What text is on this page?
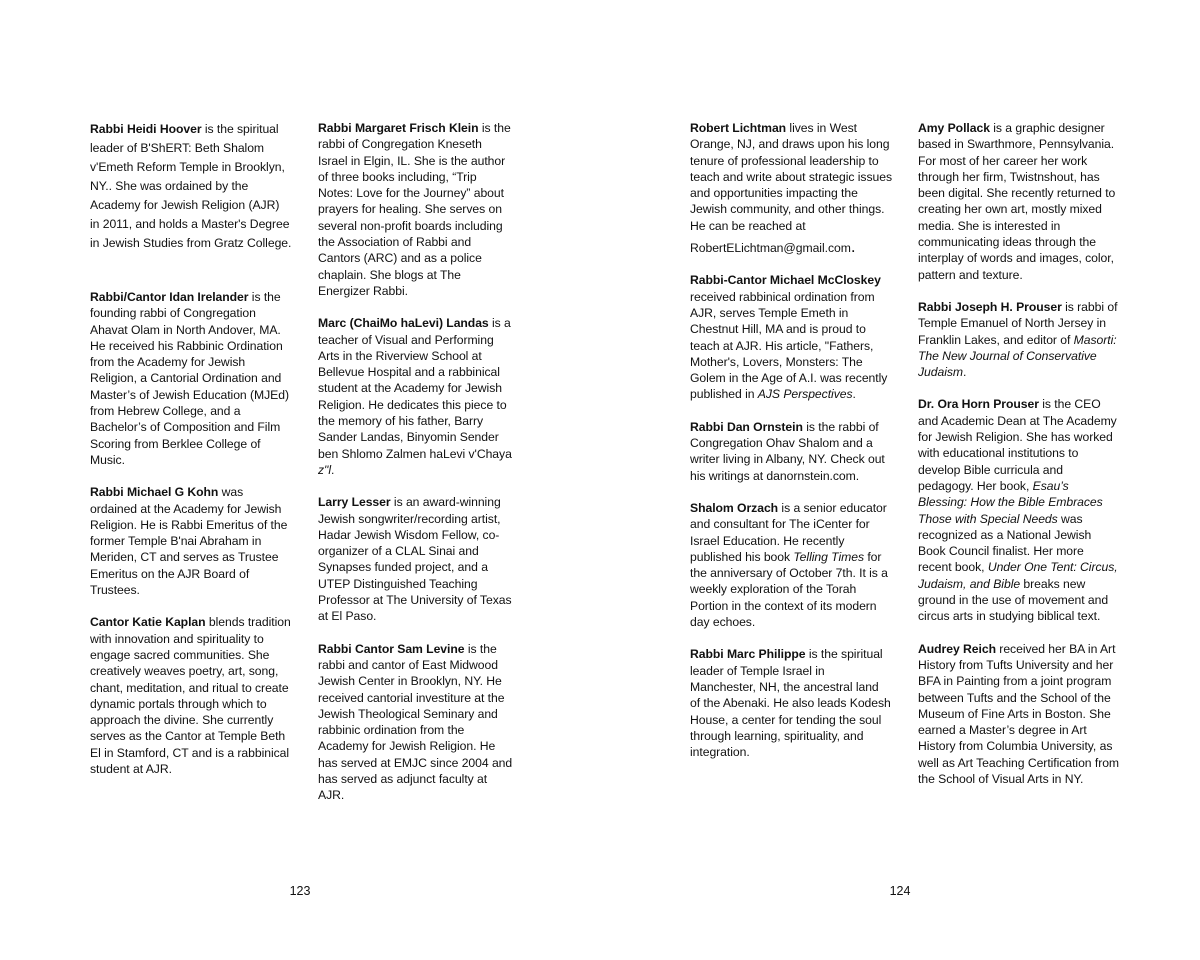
Rabbi Heidi Hoover is the spiritual leader of B'ShERT: Beth Shalom v'Emeth Reform Temple in Brooklyn, NY.. She was ordained by the Academy for Jewish Religion (AJR) in 2011, and holds a Master's Degree in Jewish Studies from Gratz College.

Rabbi/Cantor Idan Irelander is the founding rabbi of Congregation Ahavat Olam in North Andover, MA. He received his Rabbinic Ordination from the Academy for Jewish Religion, a Cantorial Ordination and Master’s of Jewish Education (MJEd) from Hebrew College, and a Bachelor’s of Composition and Film Scoring from Berklee College of Music.

Rabbi Michael G Kohn was ordained at the Academy for Jewish Religion. He is Rabbi Emeritus of the former Temple B'nai Abraham in Meriden, CT and serves as Trustee Emeritus on the AJR Board of Trustees.

Cantor Katie Kaplan blends tradition with innovation and spirituality to engage sacred communities. She creatively weaves poetry, art, song, chant, meditation, and ritual to create dynamic portals through which to approach the divine. She currently serves as the Cantor at Temple Beth El in Stamford, CT and is a rabbinical student at AJR.

Rabbi Margaret Frisch Klein is the rabbi of Congregation Kneseth Israel in Elgin, IL. She is the author of three books including, “Trip Notes: Love for the Journey” about prayers for healing. She serves on several non-profit boards including the Association of Rabbi and Cantors (ARC) and as a police chaplain. She blogs at The Energizer Rabbi.

Marc (ChaiMo haLevi) Landas is a teacher of Visual and Performing Arts in the Riverview School at Bellevue Hospital and a rabbinical student at the Academy for Jewish Religion. He dedicates this piece to the memory of his father, Barry Sander Landas, Binyomin Sender ben Shlomo Zalmen haLevi v'Chaya z"l.

Larry Lesser is an award-winning Jewish songwriter/recording artist, Hadar Jewish Wisdom Fellow, co-organizer of a CLAL Sinai and Synapses funded project, and a UTEP Distinguished Teaching Professor at The University of Texas at El Paso.

Rabbi Cantor Sam Levine is the rabbi and cantor of East Midwood Jewish Center in Brooklyn, NY. He received cantorial investiture at the Jewish Theological Seminary and rabbinic ordination from the Academy for Jewish Religion. He has served at EMJC since 2004 and has served as adjunct faculty at AJR.

123

Robert Lichtman lives in West Orange, NJ, and draws upon his long tenure of professional leadership to teach and write about strategic issues and opportunities impacting the Jewish community, and other things. He can be reached at
RobertELichtman@gmail.com.

Rabbi-Cantor Michael McCloskey received rabbinical ordination from AJR, serves Temple Emeth in Chestnut Hill, MA and is proud to teach at AJR. His article, "Fathers, Mother's, Lovers, Monsters: The Golem in the Age of A.I. was recently published in AJS Perspectives.

Rabbi Dan Ornstein is the rabbi of Congregation Ohav Shalom and a writer living in Albany, NY. Check out his writings at danornstein.com.

Shalom Orzach is a senior educator and consultant for The iCenter for Israel Education. He recently published his book Telling Times for the anniversary of October 7th. It is a weekly exploration of the Torah Portion in the context of its modern day echoes.

Rabbi Marc Philippe is the spiritual leader of Temple Israel in Manchester, NH, the ancestral land of the Abenaki. He also leads Kodesh House, a center for tending the soul through learning, spirituality, and integration.

Amy Pollack is a graphic designer based in Swarthmore, Pennsylvania. For most of her career her work through her firm, Twistnshout, has been digital. She recently returned to creating her own art, mostly mixed media. She is interested in communicating ideas through the interplay of words and images, color, pattern and texture.

Rabbi Joseph H. Prouser is rabbi of Temple Emanuel of North Jersey in Franklin Lakes, and editor of Masorti: The New Journal of Conservative Judaism.

Dr. Ora Horn Prouser is the CEO and Academic Dean at The Academy for Jewish Religion. She has worked with educational institutions to develop Bible curricula and pedagogy. Her book, Esau’s Blessing: How the Bible Embraces Those with Special Needs was recognized as a National Jewish Book Council finalist. Her more recent book, Under One Tent: Circus, Judaism, and Bible breaks new ground in the use of movement and circus arts in studying biblical text.

Audrey Reich received her BA in Art History from Tufts University and her BFA in Painting from a joint program between Tufts and the School of the Museum of Fine Arts in Boston. She earned a Master’s degree in Art History from Columbia University, as well as Art Teaching Certification from the School of Visual Arts in NY.

124
